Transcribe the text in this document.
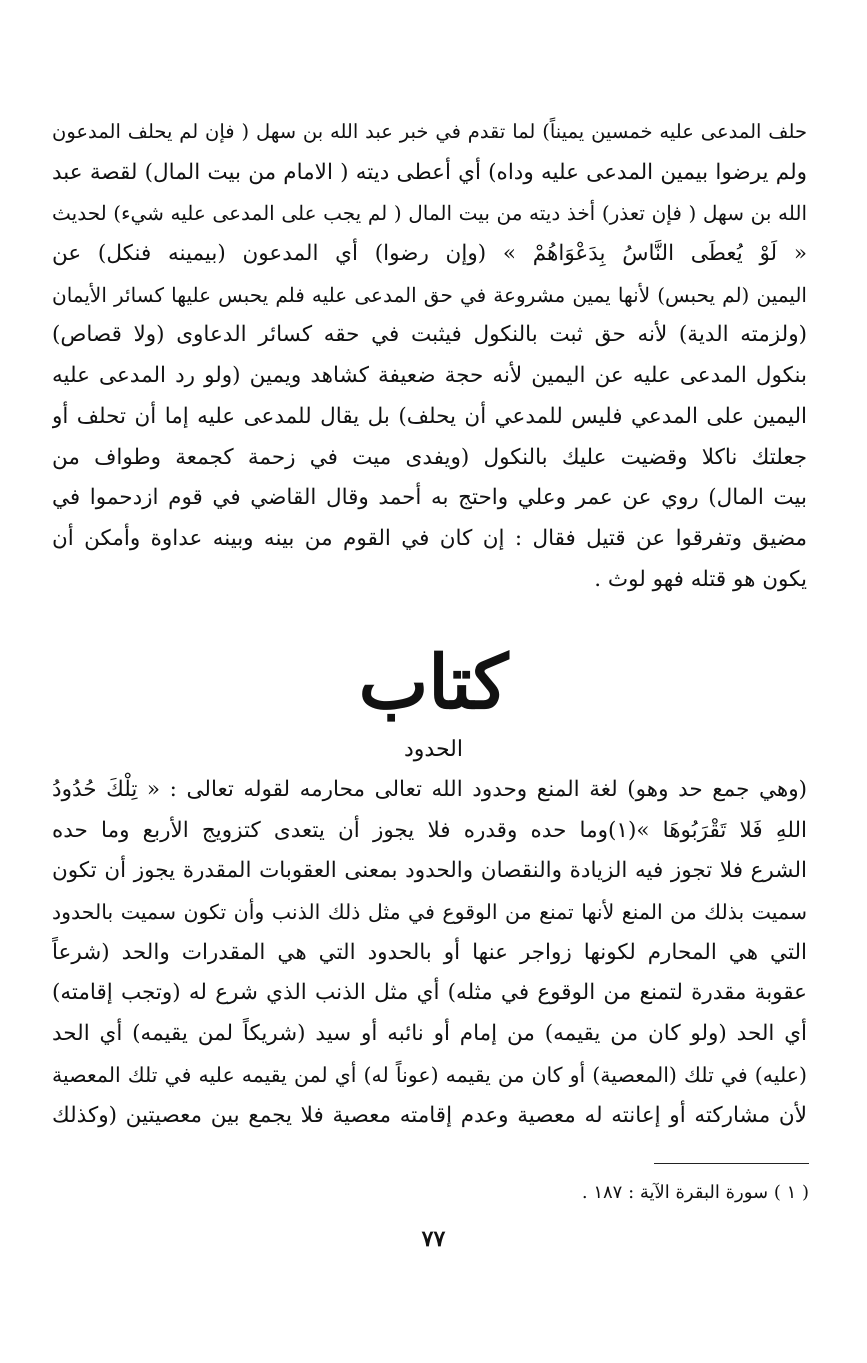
حلف المدعى عليه خمسين يميناً) لما تقدم في خبر عبد الله بن سهل ( فإن لم يحلف المدعون
ولم يرضوا بيمين المدعى عليه وداه) أي أعطى ديته ( الامام من بيت المال) لقصة عبد
الله بن سهل ( فإن تعذر) أخذ ديته من بيت المال ( لم يجب على المدعى عليه شيء) لحديث
« لَوْ يُعطَى النَّاسُ بِدَعْوَاهُمْ » (وإن رضوا) أي المدعون (بيمينه فنكل) عن
اليمين (لم يحبس) لأنها يمين مشروعة في حق المدعى عليه فلم يحبس عليها كسائر الأيمان
(ولزمته الدية) لأنه حق ثبت بالنكول فيثبت في حقه كسائر الدعاوى (ولا قصاص)
بنكول المدعى عليه عن اليمين لأنه حجة ضعيفة كشاهد ويمين (ولو رد المدعى عليه
اليمين على المدعي فليس للمدعي أن يحلف) بل يقال للمدعى عليه إما أن تحلف أو
جعلتك ناكلا وقضيت عليك بالنكول (ويفدى ميت في زحمة كجمعة وطواف من
بيت المال) روي عن عمر وعلي واحتج به أحمد وقال القاضي في قوم ازدحموا في
مضيق وتفرقوا عن قتيل فقال : إن كان في القوم من بينه وبينه عداوة وأمكن أن
يكون هو قتله فهو لوث .
كتاب
الحدود
(وهي جمع حد وهو) لغة المنع وحدود الله تعالى محارمه لقوله تعالى : « تِلْكَ حُدُودُ
اللهِ فَلا تَقْرَبُوهَا »(١)وما حده وقدره فلا يجوز أن يتعدى كتزويج الأربع وما حده
الشرع فلا تجوز فيه الزيادة والنقصان والحدود بمعنى العقوبات المقدرة يجوز أن تكون
سميت بذلك من المنع لأنها تمنع من الوقوع في مثل ذلك الذنب وأن تكون سميت بالحدود
التي هي المحارم لكونها زواجر عنها أو بالحدود التي هي المقدرات والحد (شرعاً
عقوبة مقدرة لتمنع من الوقوع في مثله) أي مثل الذنب الذي شرع له (وتجب إقامته)
أي الحد (ولو كان من يقيمه) من إمام أو نائبه أو سيد (شريكاً لمن يقيمه) أي الحد
(عليه) في تلك (المعصية) أو كان من يقيمه (عوناً له) أي لمن يقيمه عليه في تلك المعصية
لأن مشاركته أو إعانته له معصية وعدم إقامته معصية فلا يجمع بين معصيتين (وكذلك
( ١ ) سورة البقرة الآية : ١٨٧ .
٧٧
